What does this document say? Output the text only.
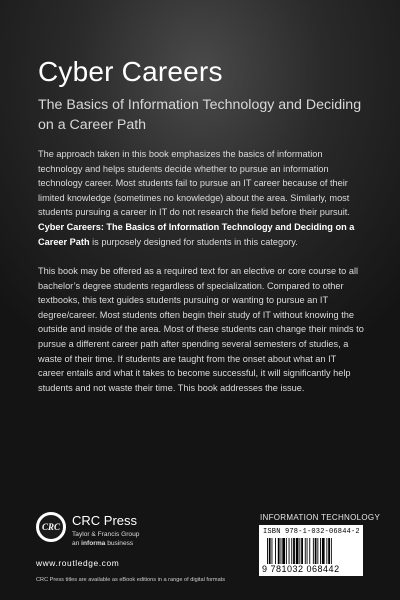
Cyber Careers
The Basics of Information Technology and Deciding on a Career Path
The approach taken in this book emphasizes the basics of information technology and helps students decide whether to pursue an information technology career. Most students fail to pursue an IT career because of their limited knowledge (sometimes no knowledge) about the area. Similarly, most students pursuing a career in IT do not research the field before their pursuit. Cyber Careers: The Basics of Information Technology and Deciding on a Career Path is purposely designed for students in this category.
This book may be offered as a required text for an elective or core course to all bachelor’s degree students regardless of specialization. Compared to other textbooks, this text guides students pursuing or wanting to pursue an IT degree/career. Most students often begin their study of IT without knowing the outside and inside of the area. Most of these students can change their minds to pursue a different career path after spending several semesters of studies, a waste of their time. If students are taught from the onset about what an IT career entails and what it takes to become successful, it will significantly help students and not waste their time. This book addresses the issue.
CRC CRC Press
Taylor & Francis Group
an informa business
www.routledge.com
CRC Press titles are available as eBook editions in a range of digital formats
INFORMATION TECHNOLOGY
ISBN 978-1-032-06844-2
9 781032 068442
